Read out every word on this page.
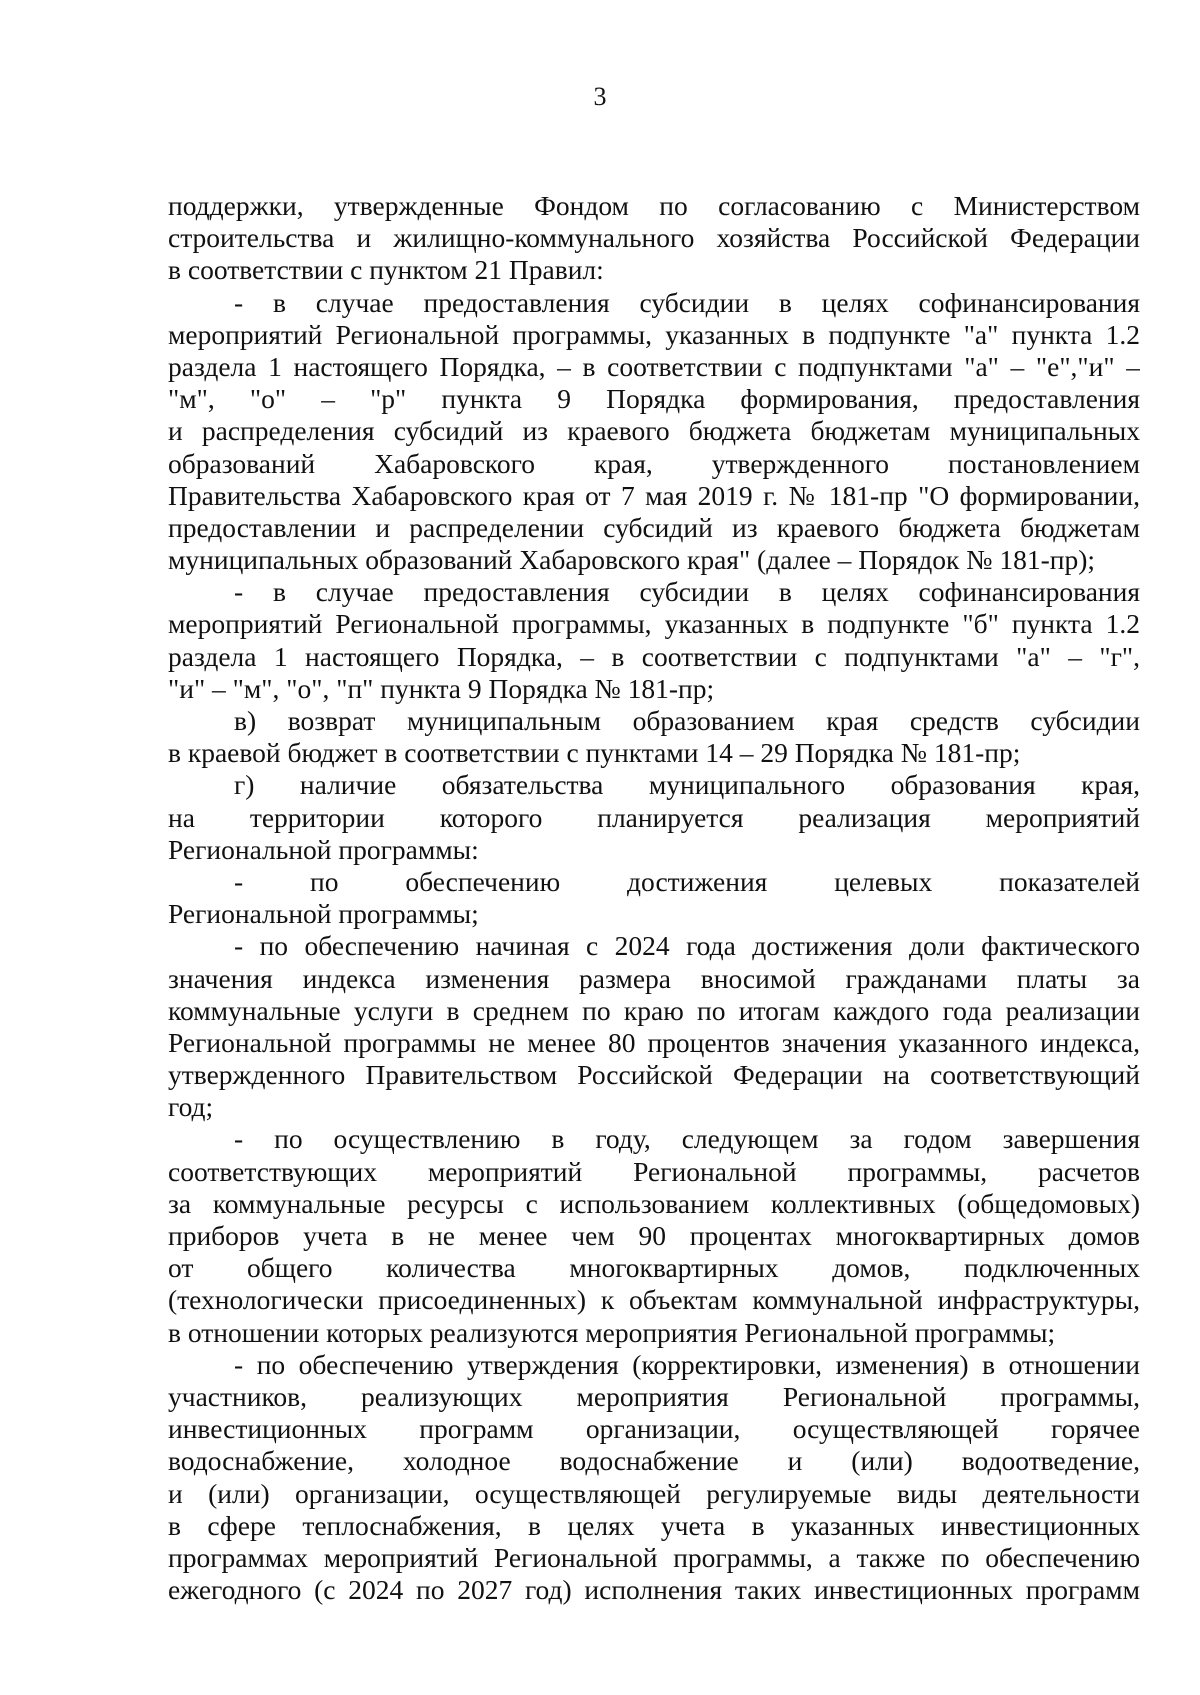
3
поддержки, утвержденные Фондом по согласованию с Министерством
строительства и жилищно-коммунального хозяйства Российской Федерации
в соответствии с пунктом 21 Правил:
- в случае предоставления субсидии в целях софинансирования
мероприятий Региональной программы, указанных в подпункте "а" пункта 1.2
раздела 1 настоящего Порядка, – в соответствии с подпунктами "а" – "е","и" –
"м", "о" – "р" пункта 9 Порядка формирования, предоставления
и распределения субсидий из краевого бюджета бюджетам муниципальных
образований Хабаровского края, утвержденного постановлением
Правительства Хабаровского края от 7 мая 2019 г. № 181-пр "О формировании,
предоставлении и распределении субсидий из краевого бюджета бюджетам
муниципальных образований Хабаровского края" (далее – Порядок № 181-пр);
- в случае предоставления субсидии в целях софинансирования
мероприятий Региональной программы, указанных в подпункте "б" пункта 1.2
раздела 1 настоящего Порядка, – в соответствии с подпунктами "а" – "г",
"и" – "м", "о", "п" пункта 9 Порядка № 181-пр;
в) возврат муниципальным образованием края средств субсидии
в краевой бюджет в соответствии с пунктами 14 – 29 Порядка № 181-пр;
г) наличие обязательства муниципального образования края,
на территории которого планируется реализация мероприятий
Региональной программы:
- по обеспечению достижения целевых показателей
Региональной программы;
- по обеспечению начиная с 2024 года достижения доли фактического
значения индекса изменения размера вносимой гражданами платы за
коммунальные услуги в среднем по краю по итогам каждого года реализации
Региональной программы не менее 80 процентов значения указанного индекса,
утвержденного Правительством Российской Федерации на соответствующий
год;
- по осуществлению в году, следующем за годом завершения
соответствующих мероприятий Региональной программы, расчетов
за коммунальные ресурсы с использованием коллективных (общедомовых)
приборов учета в не менее чем 90 процентах многоквартирных домов
от общего количества многоквартирных домов, подключенных
(технологически присоединенных) к объектам коммунальной инфраструктуры,
в отношении которых реализуются мероприятия Региональной программы;
- по обеспечению утверждения (корректировки, изменения) в отношении
участников, реализующих мероприятия Региональной программы,
инвестиционных программ организации, осуществляющей горячее
водоснабжение, холодное водоснабжение и (или) водоотведение,
и (или) организации, осуществляющей регулируемые виды деятельности
в сфере теплоснабжения, в целях учета в указанных инвестиционных
программах мероприятий Региональной программы, а также по обеспечению
ежегодного (с 2024 по 2027 год) исполнения таких инвестиционных программ
